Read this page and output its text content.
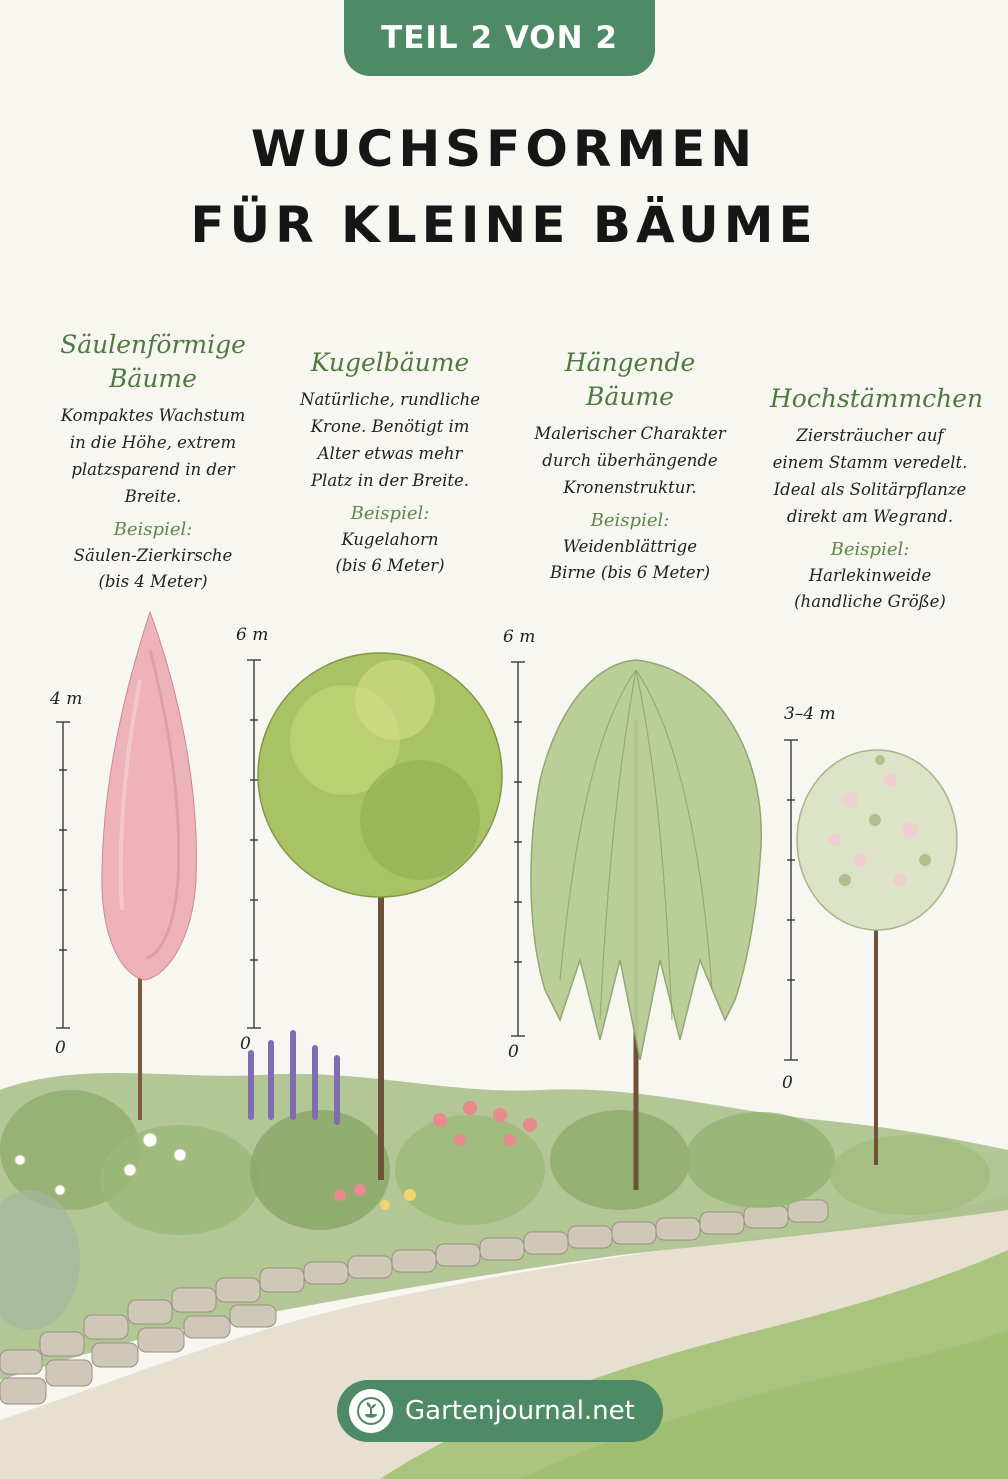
TEIL 2 VON 2
WUCHSFORMEN
FÜR KLEINE BÄUME
Säulenförmige
Bäume
Kompaktes Wachstum
in die Höhe, extrem
platzsparend in der
Breite.
Beispiel:
Säulen-Zierkirsche
(bis 4 Meter)
Kugelbäume
Natürliche, rundliche
Krone. Benötigt im
Alter etwas mehr
Platz in der Breite.
Beispiel:
Kugelahorn
(bis 6 Meter)
Hängende
Bäume
Malerischer Charakter
durch überhängende
Kronenstruktur.
Beispiel:
Weidenblättrige
Birne (bis 6 Meter)
Hochstämmchen
Ziersträucher auf
einem Stamm veredelt.
Ideal als Solitärpflanze
direkt am Wegrand.
Beispiel:
Harlekinweide
(handliche Größe)
4 m
0
6 m
0
6 m
0
3–4 m
0
Gartenjournal.net
